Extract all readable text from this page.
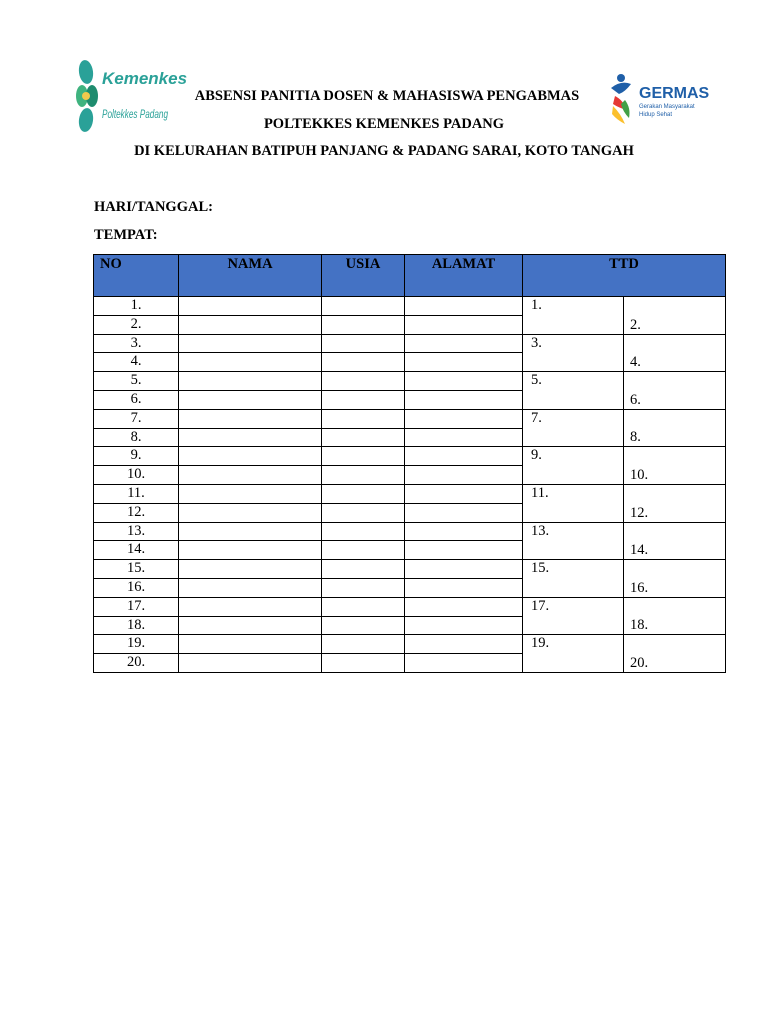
Kemenkes
Poltekkes Padang
GERMAS
Gerakan Masyarakat
Hidup Sehat
ABSENSI PANITIA DOSEN & MAHASISWA PENGABMAS
POLTEKKES KEMENKES PADANG
DI KELURAHAN BATIPUH PANJANG & PADANG SARAI, KOTO TANGAH
HARI/TANGGAL:
TEMPAT:
NO	NAMA	USIA	ALAMAT	TTD	
1.				1.	2.
2.					
3.				3.	4.
4.					
5.				5.	6.
6.					
7.				7.	8.
8.					
9.				9.	10.
10.					
11.				11.	12.
12.					
13.				13.	14.
14.					
15.				15.	16.
16.					
17.				17.	18.
18.					
19.				19.	20.
20.					
